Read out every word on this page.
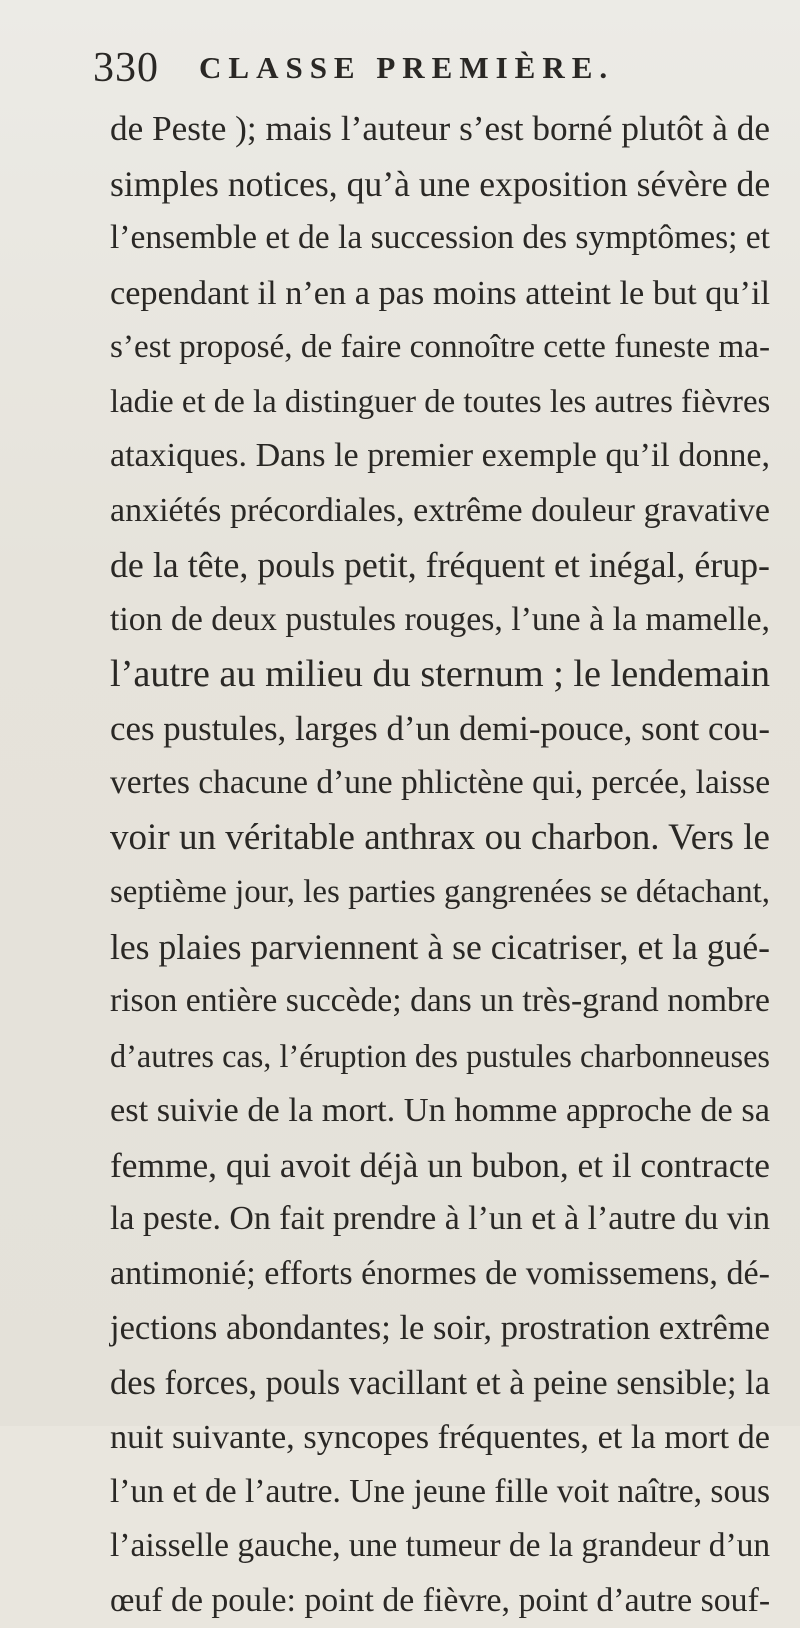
330 CLASSE PREMIÈRE.
de Peste ); mais l’auteur s’est borné plutôt à de
simples notices, qu’à une exposition sévère de
l’ensemble et de la succession des symptômes; et
cependant il n’en a pas moins atteint le but qu’il
s’est proposé, de faire connoître cette funeste ma-
ladie et de la distinguer de toutes les autres fièvres
ataxiques. Dans le premier exemple qu’il donne,
anxiétés précordiales, extrême douleur gravative
de la tête, pouls petit, fréquent et inégal, érup-
tion de deux pustules rouges, l’une à la mamelle,
l’autre au milieu du sternum ; le lendemain
ces pustules, larges d’un demi-pouce, sont cou-
vertes chacune d’une phlictène qui, percée, laisse
voir un véritable anthrax ou charbon. Vers le
septième jour, les parties gangrenées se détachant,
les plaies parviennent à se cicatriser, et la gué-
rison entière succède; dans un très-grand nombre
d’autres cas, l’éruption des pustules charbonneuses
est suivie de la mort. Un homme approche de sa
femme, qui avoit déjà un bubon, et il contracte
la peste. On fait prendre à l’un et à l’autre du vin
antimonié; efforts énormes de vomissemens, dé-
jections abondantes; le soir, prostration extrême
des forces, pouls vacillant et à peine sensible; la
nuit suivante, syncopes fréquentes, et la mort de
l’un et de l’autre. Une jeune fille voit naître, sous
l’aisselle gauche, une tumeur de la grandeur d’un
œuf de poule: point de fièvre, point d’autre souf-
